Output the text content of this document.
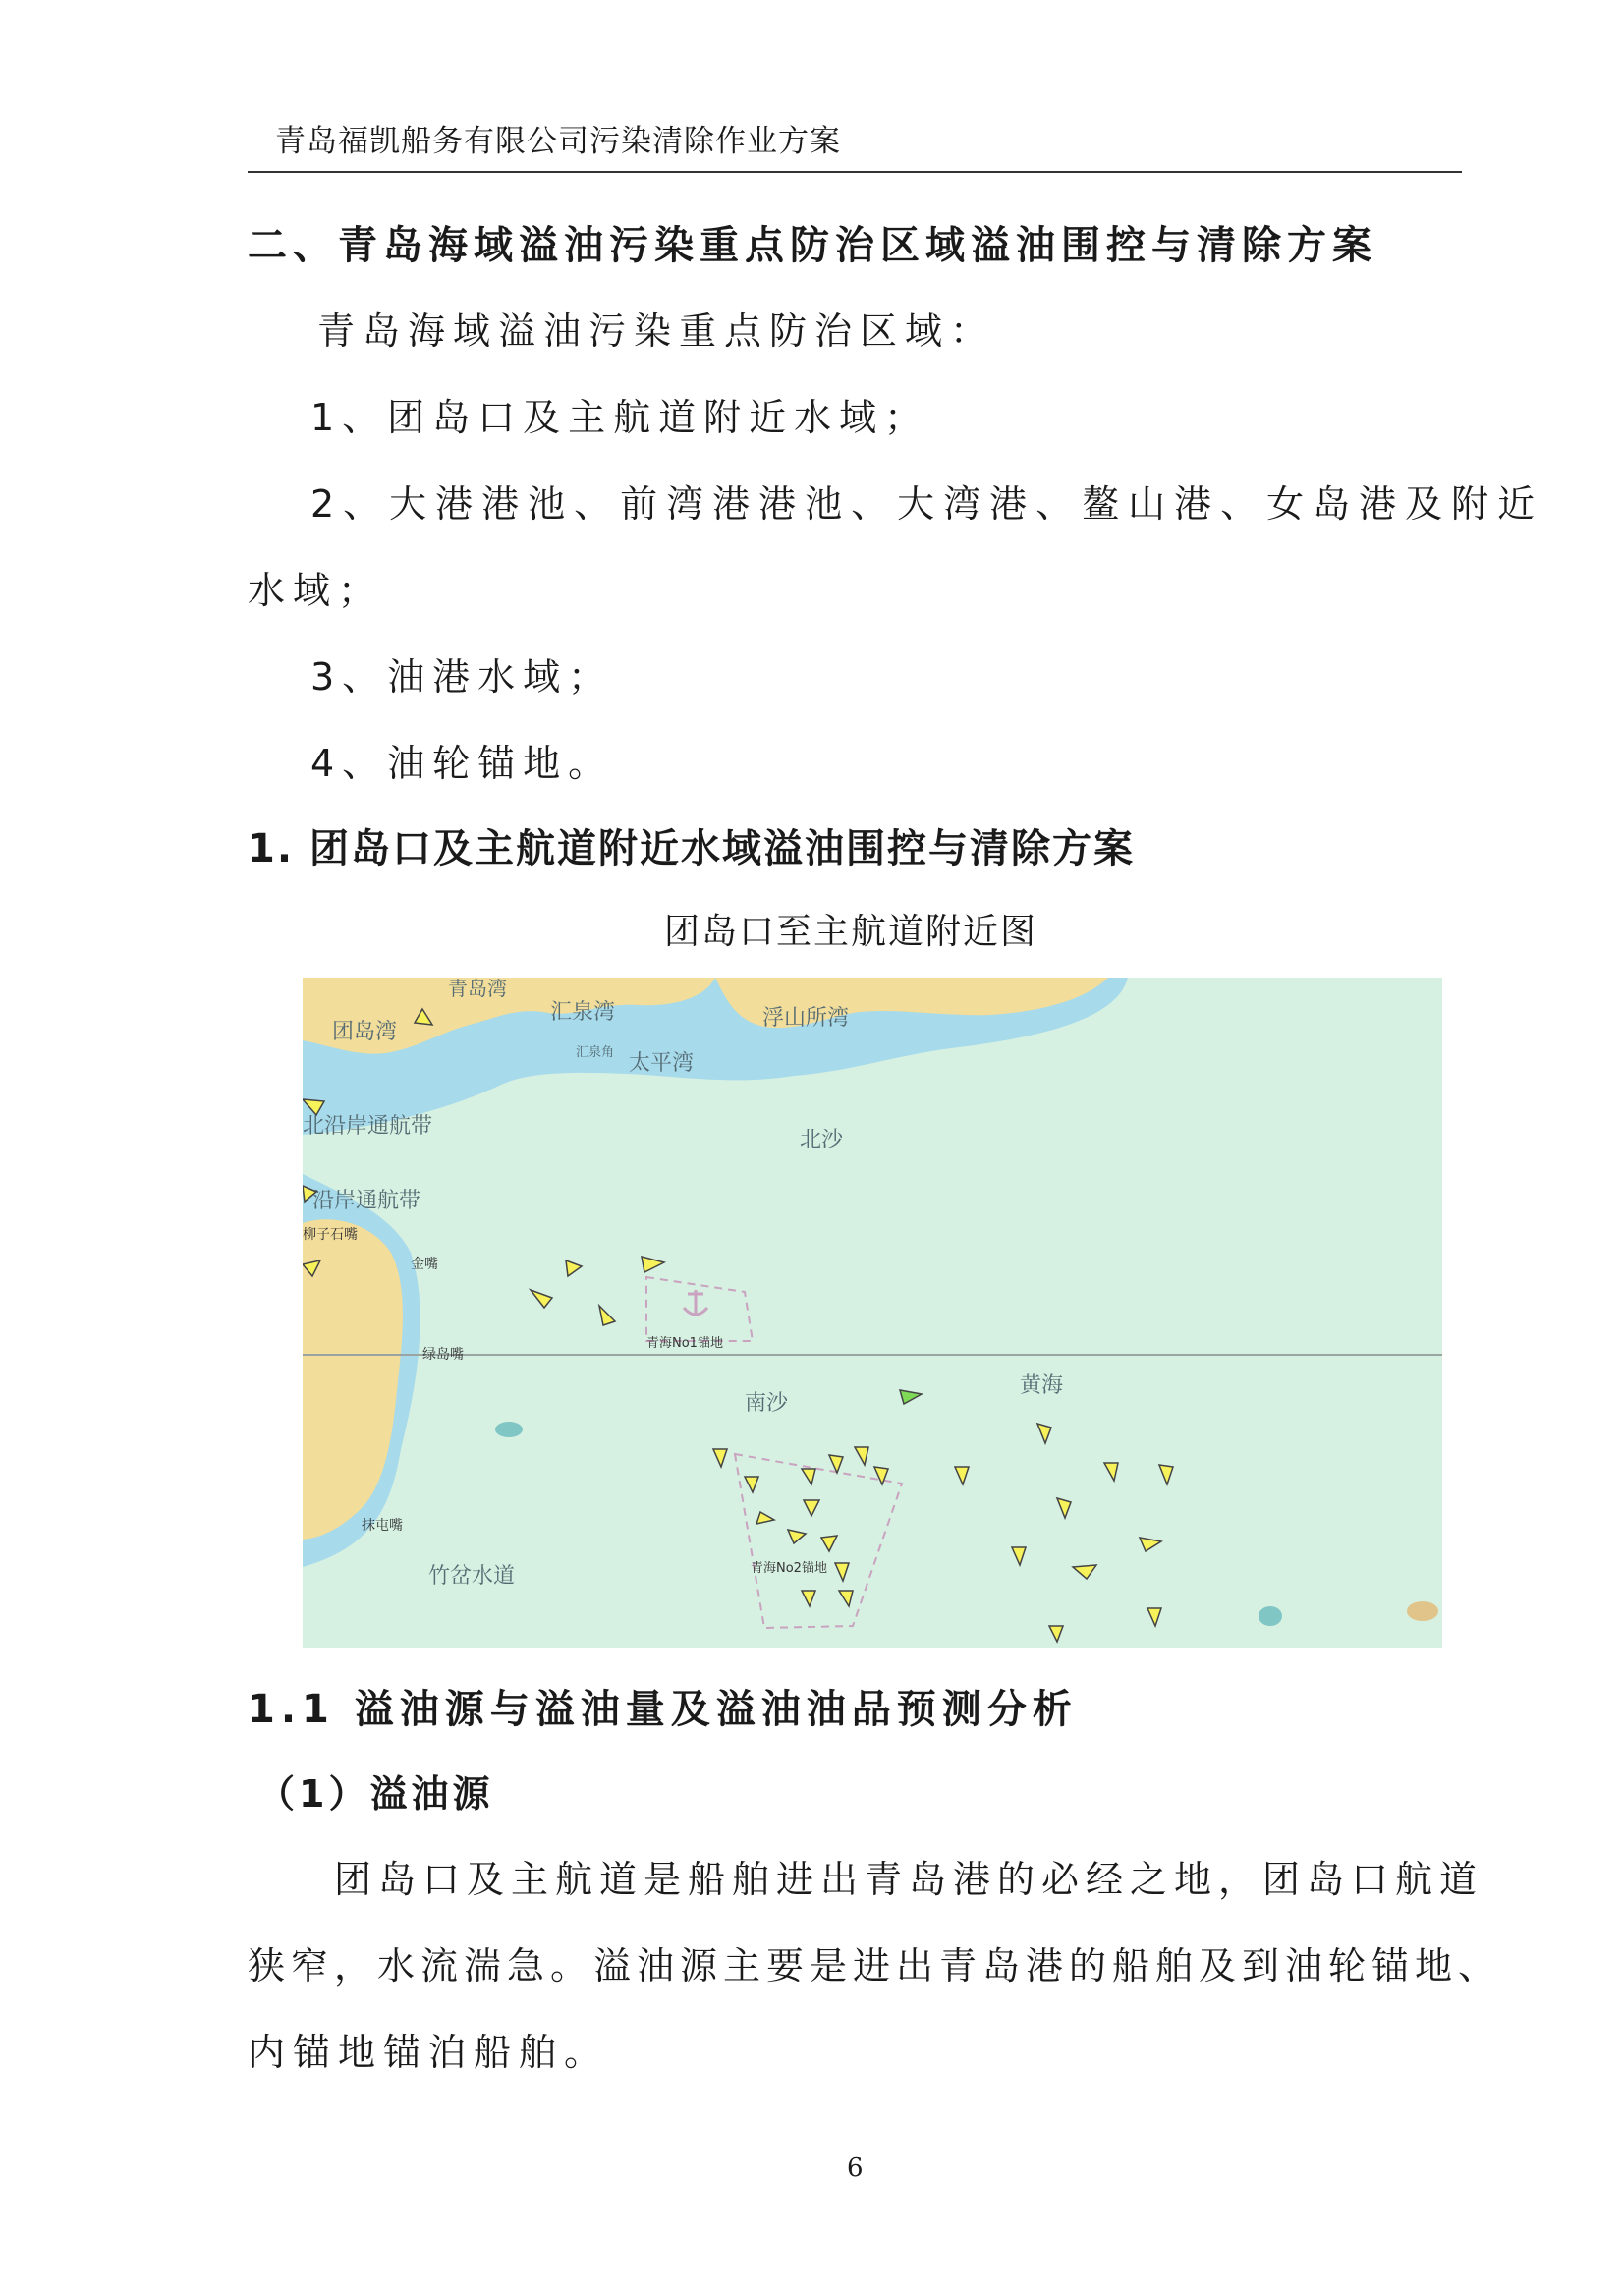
青岛福凯船务有限公司污染清除作业方案
二、青岛海域溢油污染重点防治区域溢油围控与清除方案
青岛海域溢油污染重点防治区域：
1、团岛口及主航道附近水域；
2、大港港池、前湾港港池、大湾港、鳌山港、女岛港及附近
水域；
3、油港水域；
4、油轮锚地。
1. 团岛口及主航道附近水域溢油围控与清除方案
团岛口至主航道附近图
青岛湾
团岛湾
汇泉湾
汇泉角 太平湾
浮山所湾
北沿岸通航带
沿岸通航带
北沙
柳子石嘴
金嘴
青海No1锚地
绿岛嘴
南沙
黄海
青海No2锚地
抹屯嘴
竹岔水道
1.1 溢油源与溢油量及溢油油品预测分析
（1）溢油源
团岛口及主航道是船舶进出青岛港的必经之地，团岛口航道
狭窄，水流湍急。溢油源主要是进出青岛港的船舶及到油轮锚地、
内锚地锚泊船舶。
6
